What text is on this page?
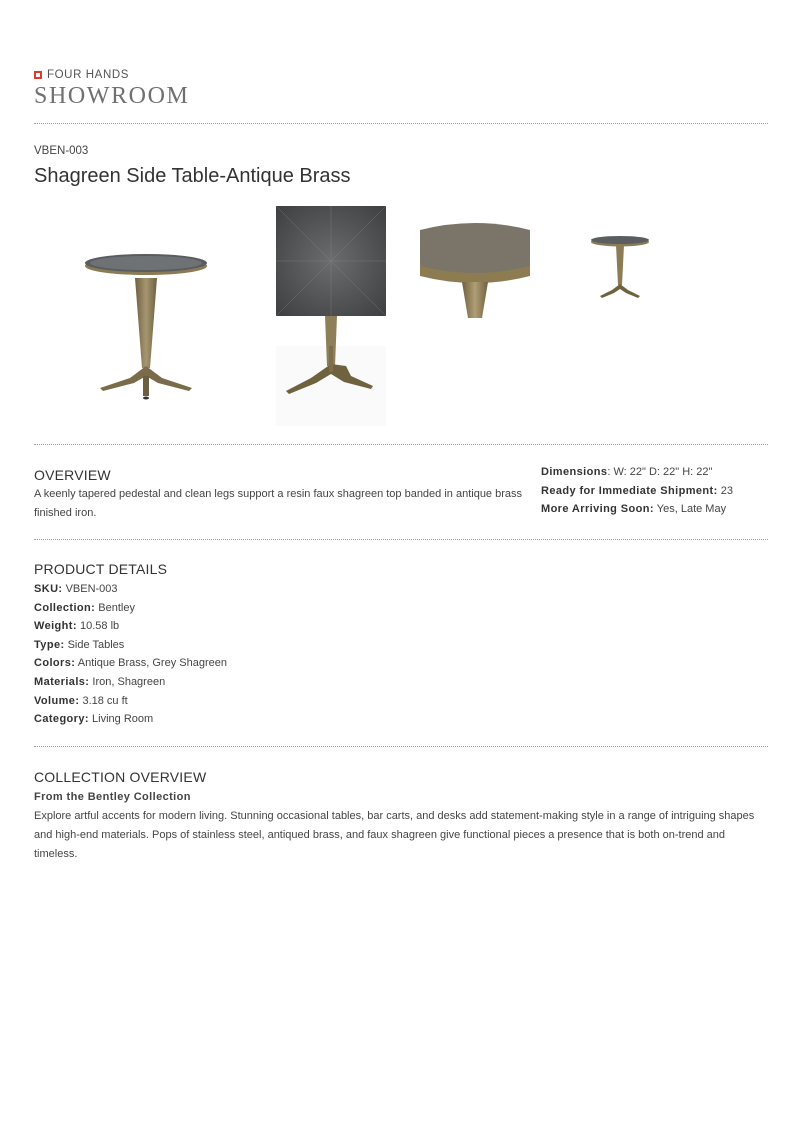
FOUR HANDS
SHOWROOM
VBEN-003
Shagreen Side Table-Antique Brass
OVERVIEW
A keenly tapered pedestal and clean legs support a resin faux shagreen top banded in antique brass finished iron.
Dimensions: W: 22" D: 22" H: 22"
Ready for Immediate Shipment: 23
More Arriving Soon: Yes, Late May
PRODUCT DETAILS
SKU: VBEN-003
Collection: Bentley
Weight: 10.58 lb
Type: Side Tables
Colors: Antique Brass, Grey Shagreen
Materials: Iron, Shagreen
Volume: 3.18 cu ft
Category: Living Room
COLLECTION OVERVIEW
From the Bentley Collection
Explore artful accents for modern living. Stunning occasional tables, bar carts, and desks add statement-making style in a range of intriguing shapes and high-end materials. Pops of stainless steel, antiqued brass, and faux shagreen give functional pieces a presence that is both on-trend and timeless.
